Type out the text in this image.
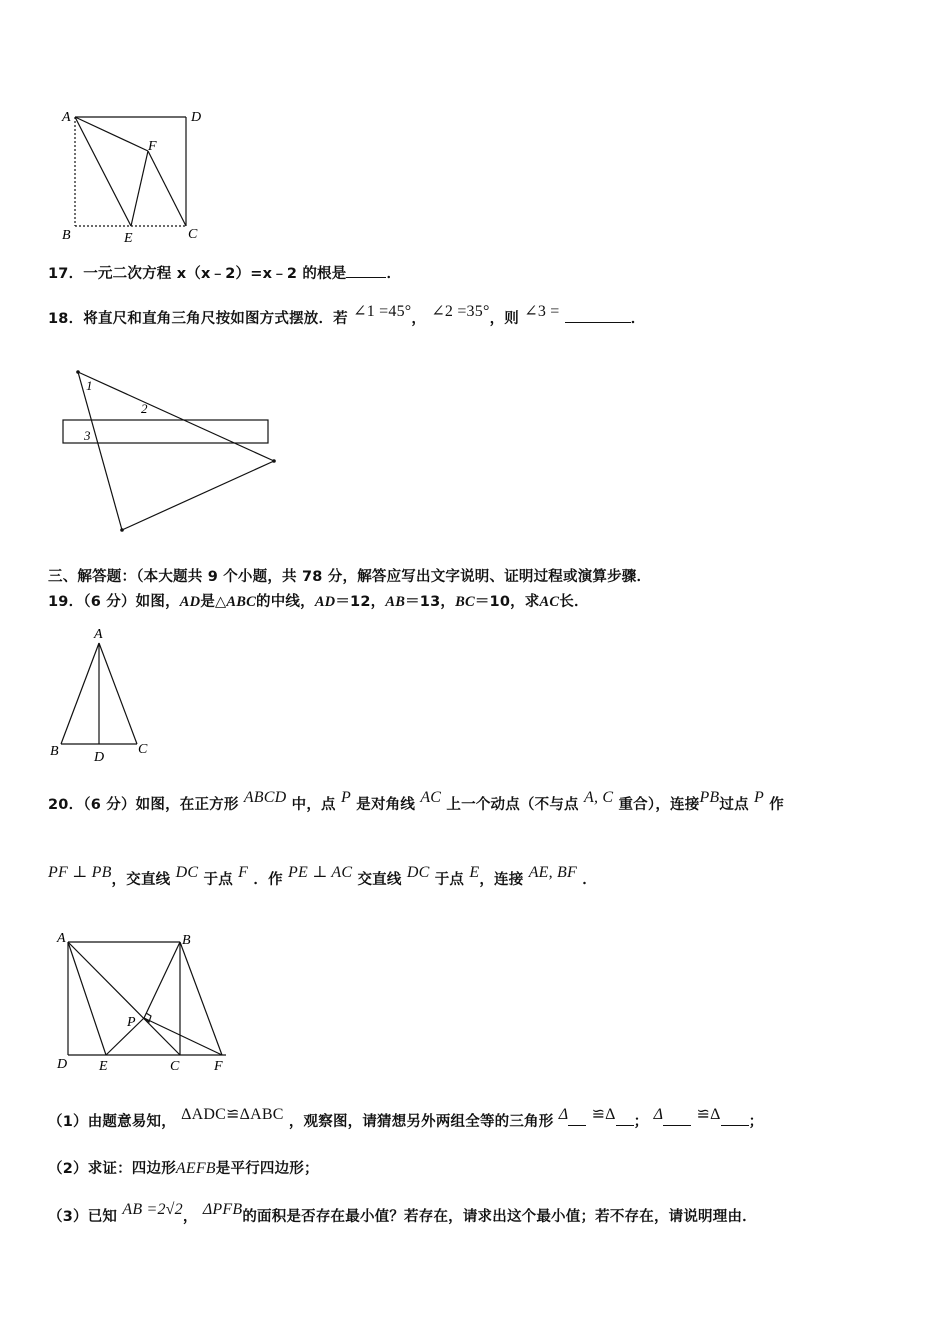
A	D
F
B	E	C
1
2
3
A
B	D
C
A	B
P
D E	C F
17．一元二次方程 x（x﹣2）=x﹣2 的根是	．
18．将直尺和直角三角尺按如图方式摆放．若 ∠1 =45°， ∠2 =35°，则 ∠3 =	．
三、解答题：（本大题共 9 个小题，共 78 分，解答应写出文字说明、证明过程或演算步骤．
19．（6 分）如图，AD是△ABC的中线，AD＝12，AB＝13，BC＝10，求AC长．
20．（6 分）如图，在正方形 ABCD 中，点 P 是对角线 AC 上一个动点（不与点 A, C 重合），连接PB过点 P 作
PF ⊥ PB，交直线 DC 于点 F ．作 PE ⊥ AC 交直线 DC 于点 E，连接 AE, BF ．
（1）由题意易知， ΔADC≌ΔABC ，观察图，请猜想另外两组全等的三角形 Δ ≌Δ ； Δ ≌Δ ；
（2）求证：四边形AEFB是平行四边形；
（3）已知 AB =2√2， ΔPFB的面积是否存在最小值？若存在，请求出这个最小值；若不存在，请说明理由．
